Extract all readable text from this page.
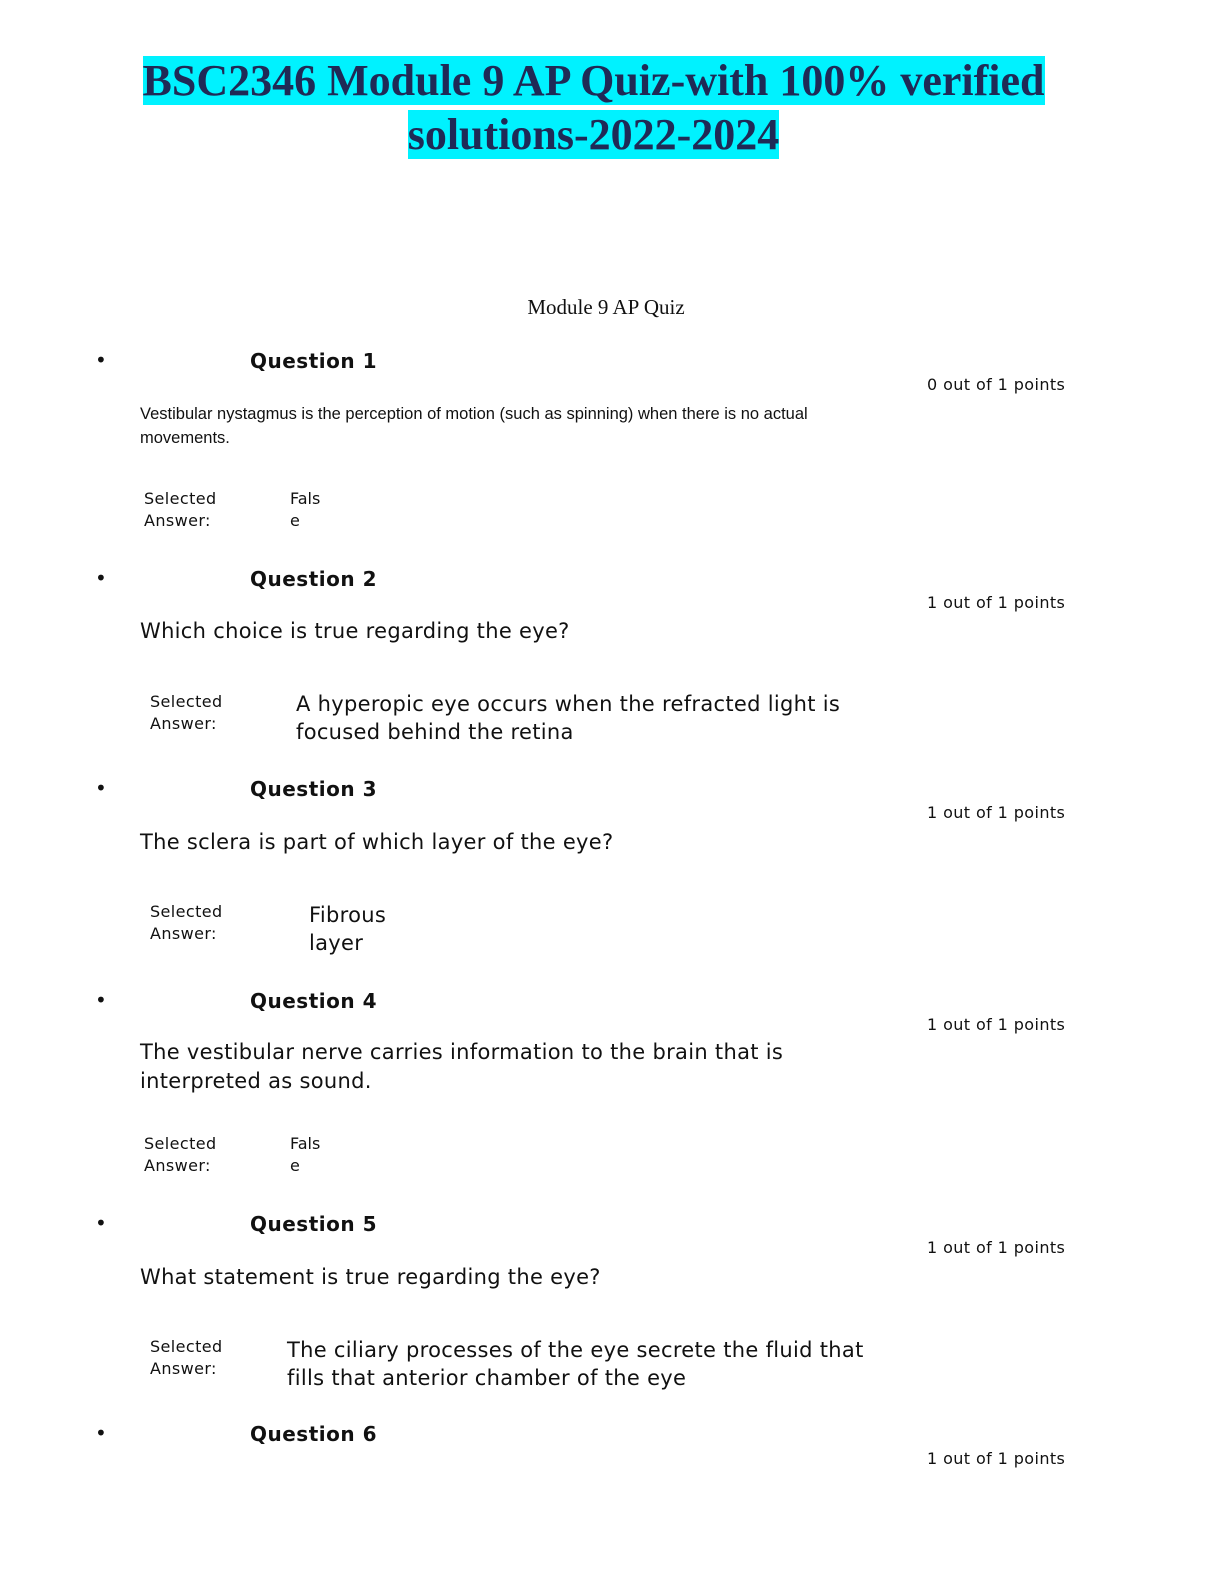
BSC2346 Module 9 AP Quiz-with 100% verified
solutions-2022-2024
Module 9 AP Quiz
•	Question 1
0 out of 1 points
Vestibular nystagmus is the perception of motion (such as spinning) when there is no actual movements.
Selected
Answer:
Fals
e
•	Question 2
1 out of 1 points
Which choice is true regarding the eye?
Selected
Answer:
A hyperopic eye occurs when the refracted light is
focused behind the retina
•	Question 3
1 out of 1 points
The sclera is part of which layer of the eye?
Selected
Answer:
Fibrous
layer
•	Question 4
1 out of 1 points
The vestibular nerve carries information to the brain that is interpreted as sound.
Selected
Answer:
Fals
e
•	Question 5
1 out of 1 points
What statement is true regarding the eye?
Selected
Answer:
The ciliary processes of the eye secrete the fluid that
fills that anterior chamber of the eye
•	Question 6
1 out of 1 points
